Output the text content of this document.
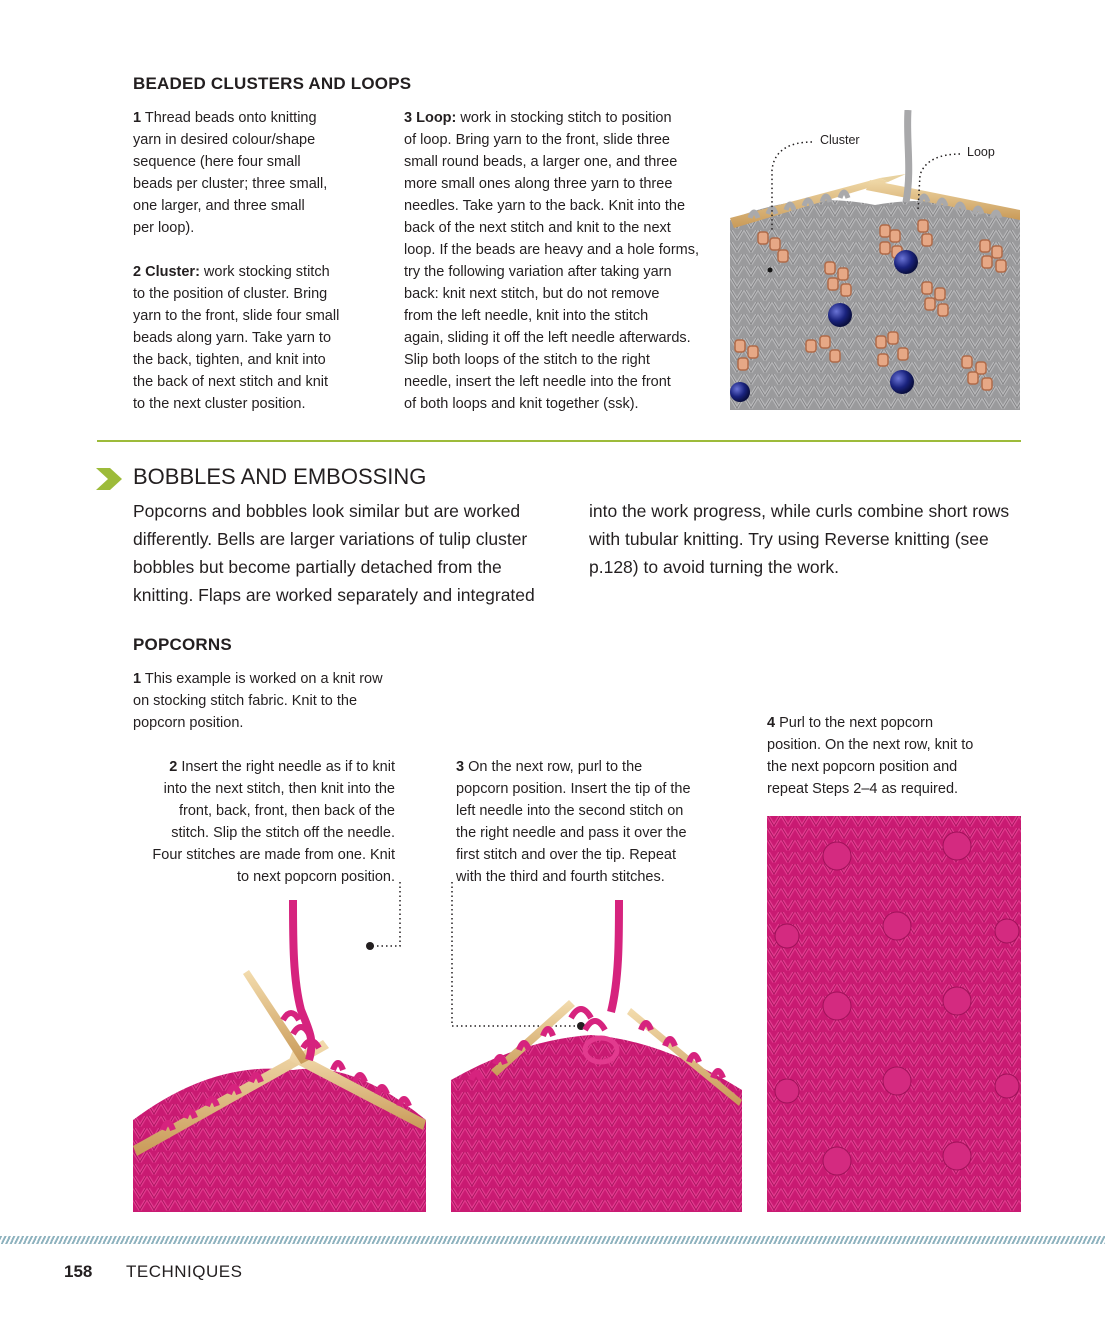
BEADED CLUSTERS AND LOOPS
1 Thread beads onto knitting
yarn in desired colour/shape
sequence (here four small
beads per cluster; three small,
one larger, and three small
per loop).
2 Cluster: work stocking stitch
to the position of cluster. Bring
yarn to the front, slide four small
beads along yarn. Take yarn to
the back, tighten, and knit into
the back of next stitch and knit
to the next cluster position.
3 Loop: work in stocking stitch to position
of loop. Bring yarn to the front, slide three
small round beads, a larger one, and three
more small ones along three yarn to three
needles. Take yarn to the back. Knit into the
back of the next stitch and knit to the next
loop. If the beads are heavy and a hole forms,
try the following variation after taking yarn
back: knit next stitch, but do not remove
from the left needle, knit into the stitch
again, sliding it off the left needle afterwards.
Slip both loops of the stitch to the right
needle, insert the left needle into the front
of both loops and knit together (ssk).
Cluster
Loop
BOBBLES AND EMBOSSING
Popcorns and bobbles look similar but are worked
differently. Bells are larger variations of tulip cluster
bobbles but become partially detached from the
knitting. Flaps are worked separately and integrated
into the work progress, while curls combine short rows
with tubular knitting. Try using Reverse knitting (see
p.128) to avoid turning the work.
POPCORNS
1 This example is worked on a knit row
on stocking stitch fabric. Knit to the
popcorn position.
2 Insert the right needle as if to knit
into the next stitch, then knit into the
front, back, front, then back of the
stitch. Slip the stitch off the needle.
Four stitches are made from one. Knit
to next popcorn position.
3 On the next row, purl to the
popcorn position. Insert the tip of the
left needle into the second stitch on
the right needle and pass it over the
first stitch and over the tip. Repeat
with the third and fourth stitches.
4 Purl to the next popcorn
position. On the next row, knit to
the next popcorn position and
repeat Steps 2–4 as required.
158 TECHNIQUES
